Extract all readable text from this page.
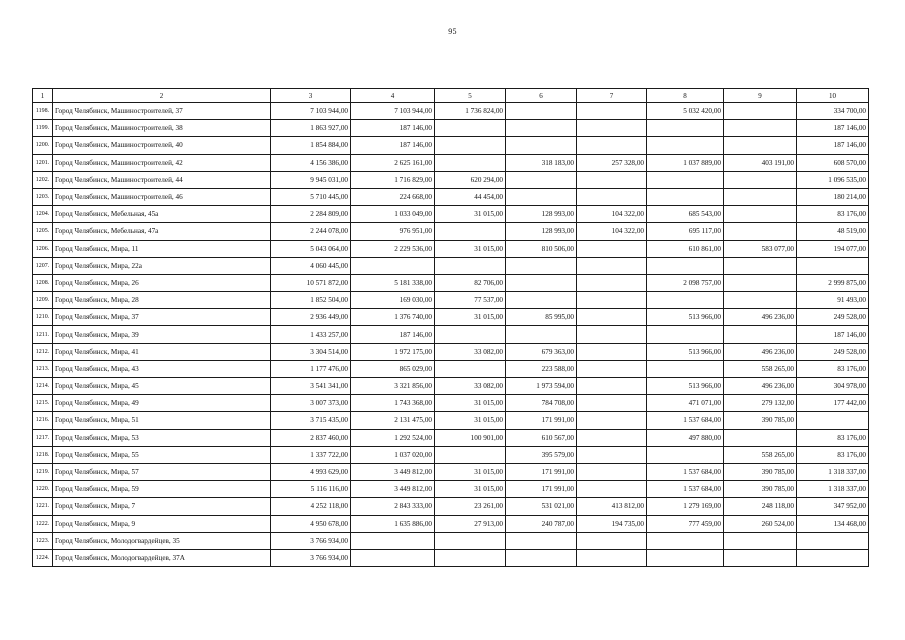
95
1	2	3	4	5	6	7	8	9	10
1198.	Город Челябинск, Машиностроителей, 37	7 103 944,00	7 103 944,00	1 736 824,00			5 032 420,00		334 700,00
1199.	Город Челябинск, Машиностроителей, 38	1 863 927,00	187 146,00						187 146,00
1200.	Город Челябинск, Машиностроителей, 40	1 854 884,00	187 146,00						187 146,00
1201.	Город Челябинск, Машиностроителей, 42	4 156 386,00	2 625 161,00		318 183,00	257 328,00	1 037 889,00	403 191,00	608 570,00
1202.	Город Челябинск, Машиностроителей, 44	9 945 031,00	1 716 829,00	620 294,00					1 096 535,00
1203.	Город Челябинск, Машиностроителей, 46	5 710 445,00	224 668,00	44 454,00					180 214,00
1204.	Город Челябинск, Мебельная, 45а	2 284 809,00	1 033 049,00	31 015,00	128 993,00	104 322,00	685 543,00		83 176,00
1205.	Город Челябинск, Мебельная, 47а	2 244 078,00	976 951,00		128 993,00	104 322,00	695 117,00		48 519,00
1206.	Город Челябинск, Мира, 11	5 043 064,00	2 229 536,00	31 015,00	810 506,00		610 861,00	583 077,00	194 077,00
1207.	Город Челябинск, Мира, 22а	4 060 445,00							
1208.	Город Челябинск, Мира, 26	10 571 872,00	5 181 338,00	82 706,00			2 098 757,00		2 999 875,00
1209.	Город Челябинск, Мира, 28	1 852 504,00	169 030,00	77 537,00					91 493,00
1210.	Город Челябинск, Мира, 37	2 936 449,00	1 376 740,00	31 015,00	85 995,00		513 966,00	496 236,00	249 528,00
1211.	Город Челябинск, Мира, 39	1 433 257,00	187 146,00						187 146,00
1212.	Город Челябинск, Мира, 41	3 304 514,00	1 972 175,00	33 082,00	679 363,00		513 966,00	496 236,00	249 528,00
1213.	Город Челябинск, Мира, 43	1 177 476,00	865 029,00		223 588,00			558 265,00	83 176,00
1214.	Город Челябинск, Мира, 45	3 541 341,00	3 321 856,00	33 082,00	1 973 594,00		513 966,00	496 236,00	304 978,00
1215.	Город Челябинск, Мира, 49	3 007 373,00	1 743 368,00	31 015,00	784 708,00		471 071,00	279 132,00	177 442,00
1216.	Город Челябинск, Мира, 51	3 715 435,00	2 131 475,00	31 015,00	171 991,00		1 537 684,00	390 785,00	
1217.	Город Челябинск, Мира, 53	2 837 460,00	1 292 524,00	100 901,00	610 567,00		497 880,00		83 176,00
1218.	Город Челябинск, Мира, 55	1 337 722,00	1 037 020,00		395 579,00			558 265,00	83 176,00
1219.	Город Челябинск, Мира, 57	4 993 629,00	3 449 812,00	31 015,00	171 991,00		1 537 684,00	390 785,00	1 318 337,00
1220.	Город Челябинск, Мира, 59	5 116 116,00	3 449 812,00	31 015,00	171 991,00		1 537 684,00	390 785,00	1 318 337,00
1221.	Город Челябинск, Мира, 7	4 252 118,00	2 843 333,00	23 261,00	531 021,00	413 812,00	1 279 169,00	248 118,00	347 952,00
1222.	Город Челябинск, Мира, 9	4 950 678,00	1 635 886,00	27 913,00	240 787,00	194 735,00	777 459,00	260 524,00	134 468,00
1223.	Город Челябинск, Молодогвардейцев, 35	3 766 934,00							
1224.	Город Челябинск, Молодогвардейцев, 37А	3 766 934,00							
